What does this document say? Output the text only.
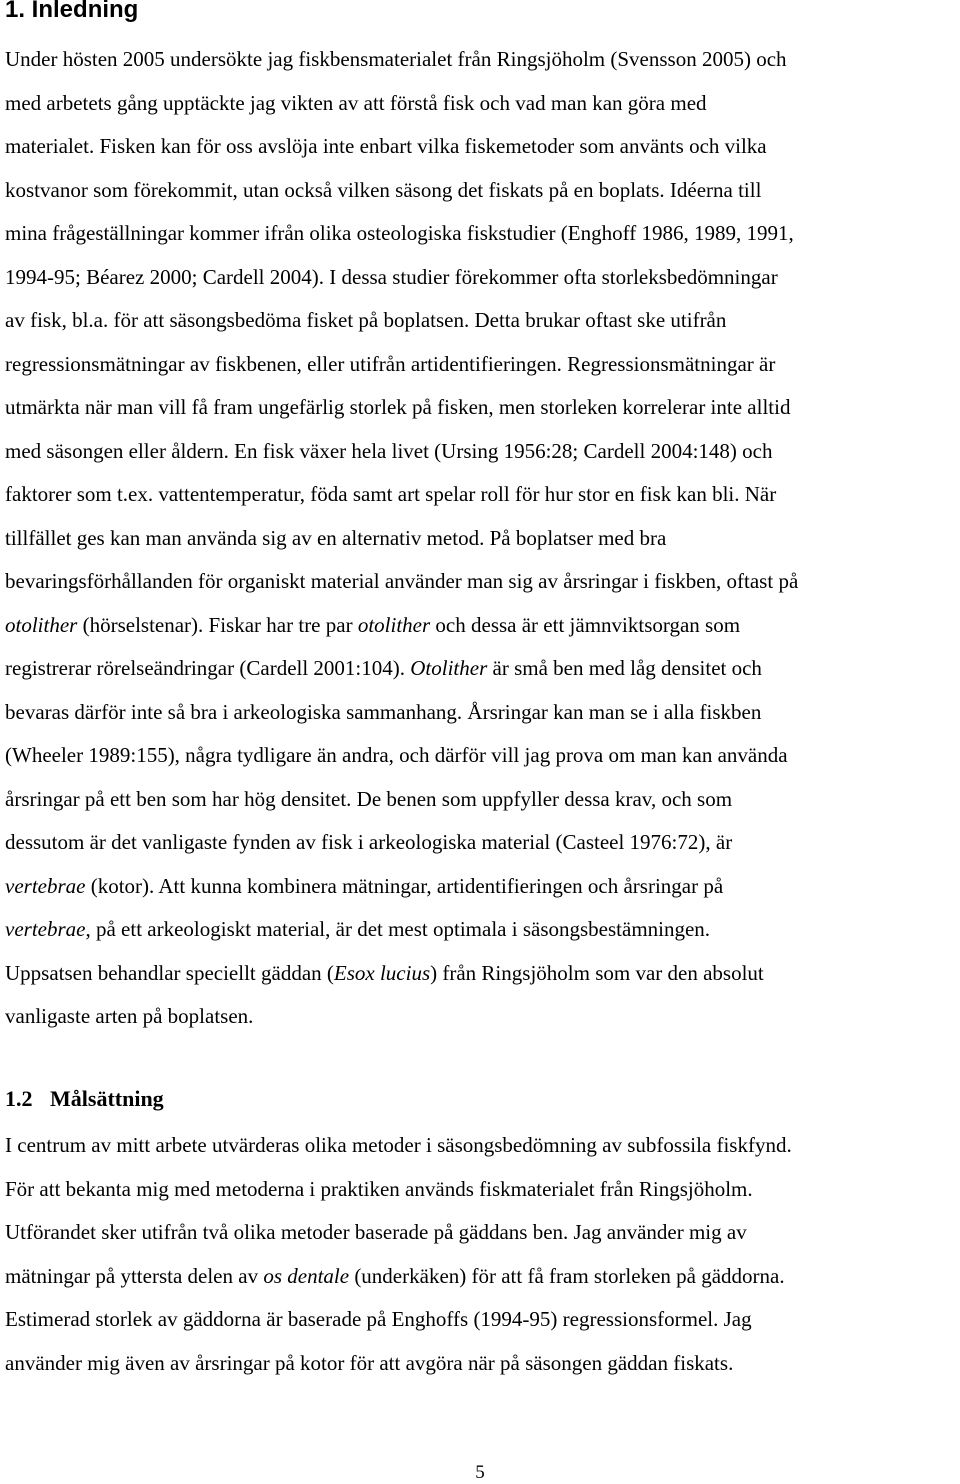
1. Inledning

Under hösten 2005 undersökte jag fiskbensmaterialet från Ringsjöholm (Svensson 2005) och
med arbetets gång upptäckte jag vikten av att förstå fisk och vad man kan göra med
materialet. Fisken kan för oss avslöja inte enbart vilka fiskemetoder som använts och vilka
kostvanor som förekommit, utan också vilken säsong det fiskats på en boplats. Idéerna till
mina frågeställningar kommer ifrån olika osteologiska fiskstudier (Enghoff 1986, 1989, 1991,
1994-95; Béarez 2000; Cardell 2004). I dessa studier förekommer ofta storleksbedömningar
av fisk, bl.a. för att säsongsbedöma fisket på boplatsen. Detta brukar oftast ske utifrån
regressionsmätningar av fiskbenen, eller utifrån artidentifieringen. Regressionsmätningar är
utmärkta när man vill få fram ungefärlig storlek på fisken, men storleken korrelerar inte alltid
med säsongen eller åldern. En fisk växer hela livet (Ursing 1956:28; Cardell 2004:148) och
faktorer som t.ex. vattentemperatur, föda samt art spelar roll för hur stor en fisk kan bli. När
tillfället ges kan man använda sig av en alternativ metod. På boplatser med bra
bevaringsförhållanden för organiskt material använder man sig av årsringar i fiskben, oftast på
otolither (hörselstenar). Fiskar har tre par otolither och dessa är ett jämnviktsorgan som
registrerar rörelseändringar (Cardell 2001:104). Otolither är små ben med låg densitet och
bevaras därför inte så bra i arkeologiska sammanhang. Årsringar kan man se i alla fiskben
(Wheeler 1989:155), några tydligare än andra, och därför vill jag prova om man kan använda
årsringar på ett ben som har hög densitet. De benen som uppfyller dessa krav, och som
dessutom är det vanligaste fynden av fisk i arkeologiska material (Casteel 1976:72), är
vertebrae (kotor). Att kunna kombinera mätningar, artidentifieringen och årsringar på
vertebrae, på ett arkeologiskt material, är det mest optimala i säsongsbestämningen.
Uppsatsen behandlar speciellt gäddan (Esox lucius) från Ringsjöholm som var den absolut
vanligaste arten på boplatsen.

1.2 Målsättning

I centrum av mitt arbete utvärderas olika metoder i säsongsbedömning av subfossila fiskfynd.
För att bekanta mig med metoderna i praktiken används fiskmaterialet från Ringsjöholm.
Utförandet sker utifrån två olika metoder baserade på gäddans ben. Jag använder mig av
mätningar på yttersta delen av os dentale (underkäken) för att få fram storleken på gäddorna.
Estimerad storlek av gäddorna är baserade på Enghoffs (1994-95) regressionsformel. Jag
använder mig även av årsringar på kotor för att avgöra när på säsongen gäddan fiskats.

5
